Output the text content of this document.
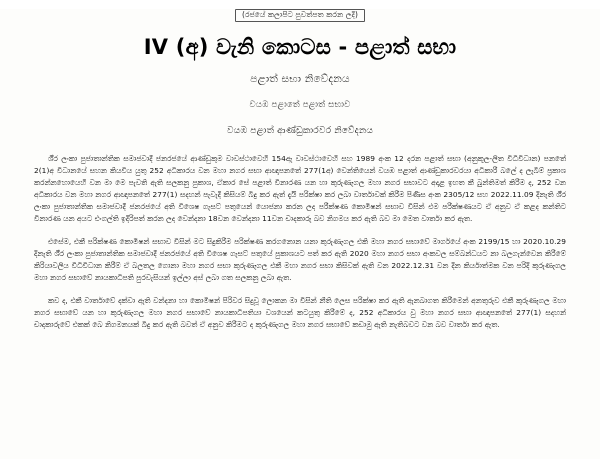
(රජයේ කලාපිට පුවත්පත කරන ලදි)
IV (අ) වැනි කොටස - පළාත් සභා
පළාත් සභා නිවේදනය
වයඹ පළාතේ පළාත් සභාව
වයඹ පළාත් ආණ්ඩුකාරවර නිවේදනය
ශී‍්‍ර ලංකා පුජාතාන්තික සමාජවාදී ජනරජයේ ආණ්ඩුකුම වාවස්ථාවෙහි 154ඇ වාවස්ථාවෙහි සහ 1989 අංක 12 දරන පළාත් සභා (අනුකූල-ලිත විධිවිධාන) පනතේ 2(1)අ විධානයේ සහන කියවිය යුතු 252 අධිකාරය වන මහා නගර සභා ආඥාපනතේ 277(1අ) වෙන්තියෙන් වයඹ පළාත් ආණ්ඩුකාරවරයා අධිකාරී බලේ ද ලැබීම් ප්‍රකාශ කරන්නහොයෙහි වන මා මෙ පැවති ඇති සලකනු පුකාශ, ඒකාර සේ පළාත් විනාරණ යන හා කුරුණෑගල මහා නගර සභාවට අදාළ ඉහත කී බුන්තිමත් කිරීම ද, 252 වන අධිකාරය වන මහා නගර ආඥාපනතේ 277(1) සදහන් පැවැදි කිසියම් බිදු කර ඇත් දැයි පරික්ෂා කර ලබා වාර්තාවක් කිරීම පිණිස අංක 2305/12 සහ 2022.11.09 දිනැති ශී‍්‍ර ලංකා පුජාතාන්තික සමාජවාදී ජනරජයේ අති විශෙෂ ගැසට් පතුයෙන් යොජනා කරන ලද පරීක්ෂණ කොමිෂන් සභාව විසින් එම පරීක්ෂණයට ඒ අනුව ඒ කළද කන්තිට විනාරණ යන අයට එංගල්ති ඉදිරිපත් කරන ලද වෙන්දනා 18වන වෙන්දනා 11වන චාදකාරු බව නිගමය කර ඇති බව මා මෙත වාර්තා කර ඇත.
එසේම, එකී පරික්ෂණ කොමිෂන් සභාව විසින් මට සිදුකිරීම පරික්ෂණ කරගනොන යනා කුරුණෑගල එකි මහා නගර සභාවේ මාර්ගයේ අංක 2199/15 හා 2020.10.29 දිනැති ශී‍්‍ර ලංකා පුජාතාන්තික සමාජවාදී ජනරජයේ අති විශෙෂ ගැසට් පතුයේ පුකාශයට පත් කර ඇති 2020 මහා නගර සභා අංකවල සම්බන්ධයට නා බලගැන්වෙන කිරීමේ කිරියාවලිය විධිවිධාන කිරීම් ඒ බලතල ගොනා මහා නගර සභා කුරුණෑගල එකී මහා නගර සභා කිසිවක් ඇති වන 2022.12.31 වන දින කිර්යාත්මක වන පරිදි කුරුණෑගල මහා නගර සභාවේ නායකාධිපති පුරවැසියන් ඉල්ලා අස් ලබා ගත සලකනු ලබා ඇත.
කව ද, එකී වාර්තාවේ දක්වා ඇති වන්දනා හා කොමිෂන් පිරිවර සිදුවූ ලොකන මා විසින් නීති ලෙස පරික්ෂා කර ඇති ඇනබාගත කිරීමෙන් අනතුරුව එකී කුරුණෑගල මහා නගර සභාවේ යන හා කුරුණෑගල මහා නගර සභාවේ නායකාධිපතියා වශයෙන් කටයුතු කිරීමේ ද, 252 අධිකාරය වු මහා නගර සභා ආඥාපනතේ 277(1) සදහන් චාදකාරුවේ එකක් බෙ නිගමනයක් බිදු කර ඇති බවත් ඒ අනුව කිරීමට ද කුරුණෑගල මහා නගර සභාවේ කඩාමු ඇති නැතිබවට වන බව වාර්තා කර ඇත.
